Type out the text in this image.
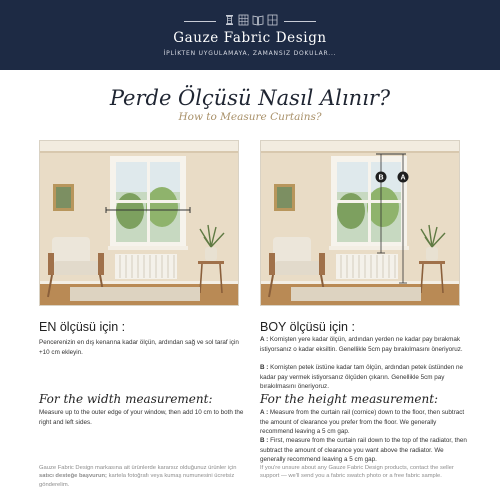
Gauze Fabric Design
İPLİKTEN UYGULAMAYA, ZAMANSIZ DOKULAR...
Perde Ölçüsü Nasıl Alınır?
How to Measure Curtains?
B A
EN ölçüsü için :
Pencerenizin en dış kenarına kadar ölçün, ardından sağ ve sol taraf için +10 cm ekleyin.
BOY ölçüsü için :
A : Kornişten yere kadar ölçün, ardından yerden ne kadar pay bırakmak istiyorsanız o kadar eksiltin. Genellikle 5cm pay bırakılmasını öneriyoruz.
B : Kornişten petek üstüne kadar tam ölçün, ardından petek üstünden ne kadar pay vermek istiyorsanız ölçüden çıkarın. Genellikle 5cm pay bırakılmasını öneriyoruz.
For the width measurement:
Measure up to the outer edge of your window, then add 10 cm to both the right and left sides.
For the height measurement:
A : Measure from the curtain rail (cornice) down to the floor, then subtract the amount of clearance you prefer from the floor. We generally recommend leaving a 5 cm gap.
B : First, measure from the curtain rail down to the top of the radiator, then subtract the amount of clearance you want above the radiator. We generally recommend leaving a 5 cm gap.
Gauze Fabric Design markasına ait ürünlerde kararsız olduğunuz ürünler için satıcı desteğe başvurun; kartela fotoğrafı veya kumaş numunesini ücretsiz gönderelim.
If you're unsure about any Gauze Fabric Design products, contact the seller support — we'll send you a fabric swatch photo or a free fabric sample.
